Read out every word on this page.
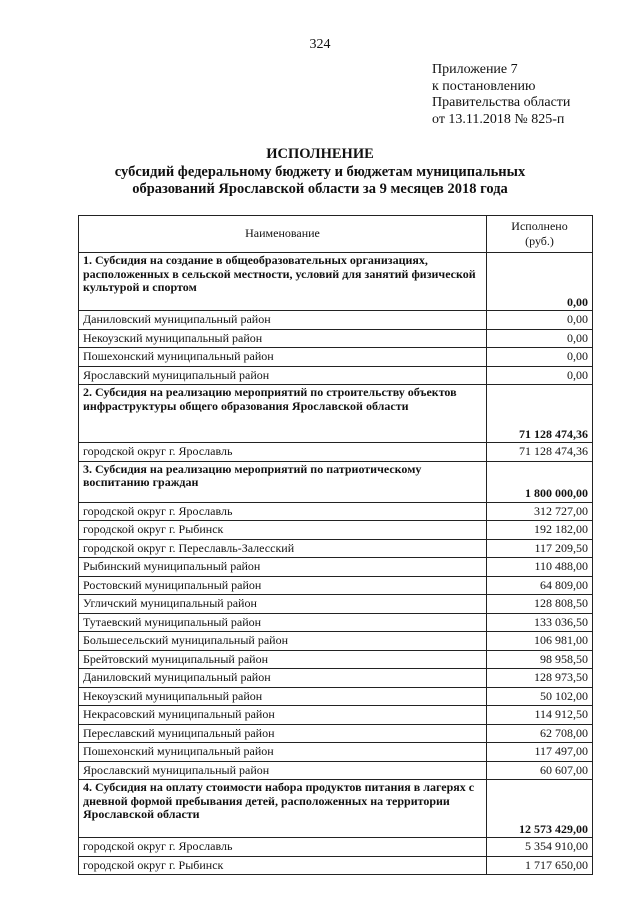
324
Приложение 7
к постановлению
Правительства области
от 13.11.2018 № 825-п
ИСПОЛНЕНИЕ
субсидий федеральному бюджету и бюджетам муниципальных
образований Ярославской области за 9 месяцев 2018 года
Наименование	Исполнено
(руб.)

1. Субсидия на создание в общеобразовательных организациях, расположенных в сельской местности, условий для занятий физической культурой и спортом	0,00
Даниловский муниципальный район	0,00
Некоузский муниципальный район	0,00
Пошехонский муниципальный район	0,00
Ярославский муниципальный район	0,00
2. Субсидия на реализацию мероприятий по строительству объектов инфраструктуры общего образования Ярославской области	71 128 474,36
городской округ г. Ярославль	71 128 474,36
3. Субсидия на реализацию мероприятий по патриотическому воспитанию граждан	1 800 000,00
городской округ г. Ярославль	312 727,00
городской округ г. Рыбинск	192 182,00
городской округ г. Переславль-Залесский	117 209,50
Рыбинский муниципальный район	110 488,00
Ростовский муниципальный район	64 809,00
Угличский муниципальный район	128 808,50
Тутаевский муниципальный район	133 036,50
Большесельский муниципальный район	106 981,00
Брейтовский муниципальный район	98 958,50
Даниловский муниципальный район	128 973,50
Некоузский муниципальный район	50 102,00
Некрасовский муниципальный район	114 912,50
Переславский муниципальный район	62 708,00
Пошехонский муниципальный район	117 497,00
Ярославский муниципальный район	60 607,00
4. Субсидия на оплату стоимости набора продуктов питания в лагерях с дневной формой пребывания детей, расположенных на территории Ярославской области	12 573 429,00
городской округ г. Ярославль	5 354 910,00
городской округ г. Рыбинск	1 717 650,00
